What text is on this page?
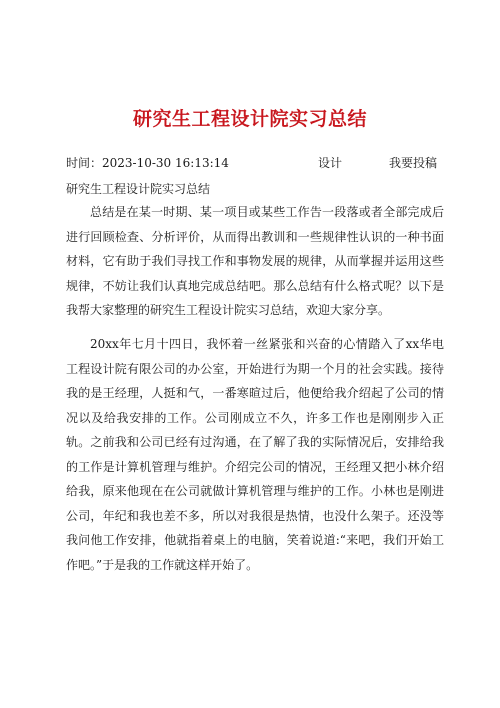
研究生工程设计院实习总结
时间：2023-10-30 16:13:14	设计	我要投稿
研究生工程设计院实习总结

总结是在某一时期、某一项目或某些工作告一段落或者全部完成后进行回顾检查、分析评价，从而得出教训和一些规律性认识的一种书面材料，它有助于我们寻找工作和事物发展的规律，从而掌握并运用这些规律，不妨让我们认真地完成总结吧。那么总结有什么格式呢？以下是我帮大家整理的研究生工程设计院实习总结，欢迎大家分享。

20xx年七月十四日，我怀着一丝紧张和兴奋的心情踏入了xx华电工程设计院有限公司的办公室，开始进行为期一个月的社会实践。接待我的是王经理，人挺和气，一番寒暄过后，他便给我介绍起了公司的情况以及给我安排的工作。公司刚成立不久，许多工作也是刚刚步入正轨。之前我和公司已经有过沟通，在了解了我的实际情况后，安排给我的工作是计算机管理与维护。介绍完公司的情况，王经理又把小林介绍给我，原来他现在在公司就做计算机管理与维护的工作。小林也是刚进公司，年纪和我也差不多，所以对我很是热情，也没什么架子。还没等我问他工作安排，他就指着桌上的电脑，笑着说道:“来吧，我们开始工作吧。”于是我的工作就这样开始了。
